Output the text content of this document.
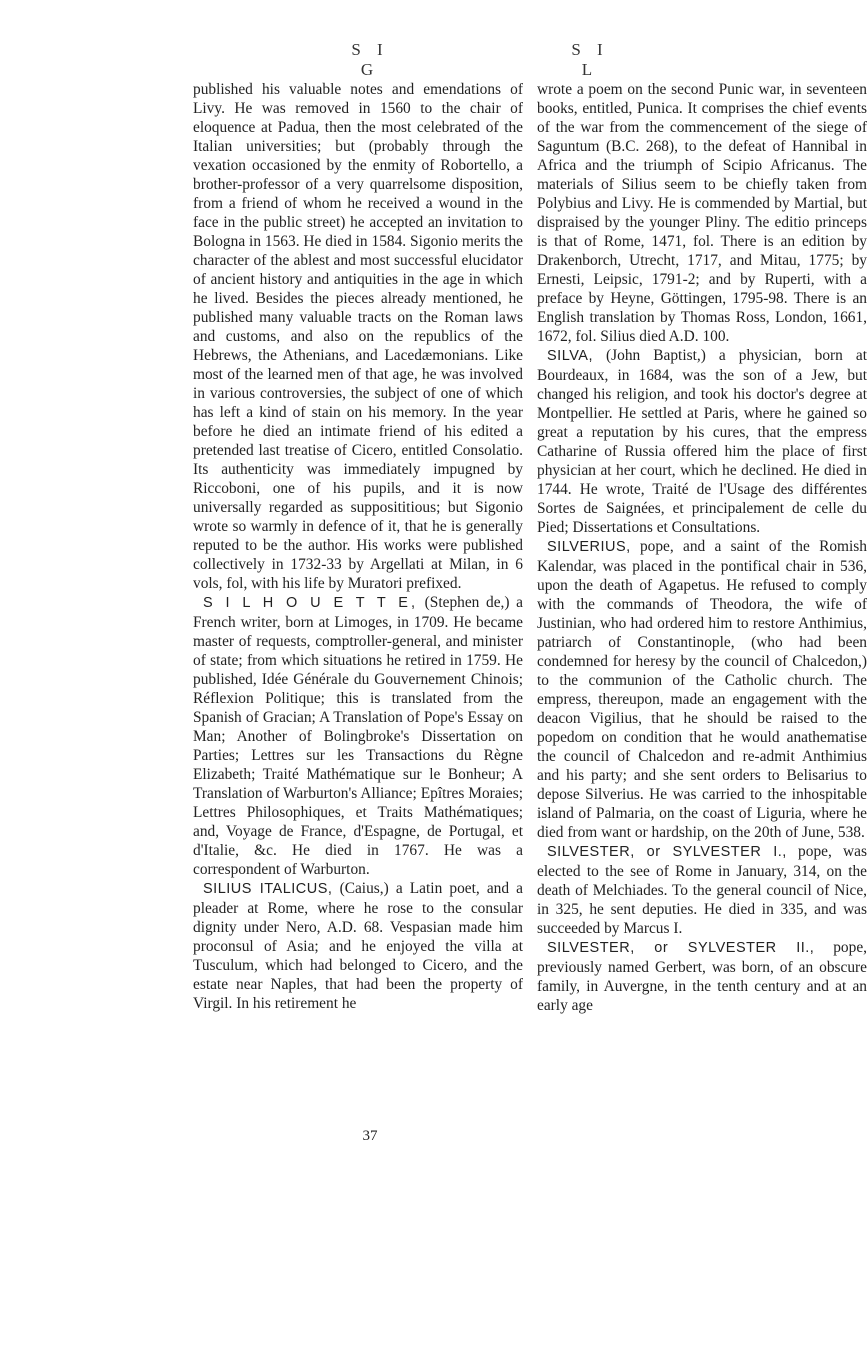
S I G
S I L

published his valuable notes and emendations of Livy. He was removed in 1560 to the chair of eloquence at Padua, then the most celebrated of the Italian universities; but (probably through the vexation occasioned by the enmity of Robortello, a brother-professor of a very quarrelsome disposition, from a friend of whom he received a wound in the face in the public street) he accepted an invitation to Bologna in 1563. He died in 1584. Sigonio merits the character of the ablest and most successful elucidator of ancient history and antiquities in the age in which he lived. Besides the pieces already mentioned, he published many valuable tracts on the Roman laws and customs, and also on the republics of the Hebrews, the Athenians, and Lacedæmonians. Like most of the learned men of that age, he was involved in various controversies, the subject of one of which has left a kind of stain on his memory. In the year before he died an intimate friend of his edited a pretended last treatise of Cicero, entitled Consolatio. Its authenticity was immediately impugned by Riccoboni, one of his pupils, and it is now universally regarded as supposititious; but Sigonio wrote so warmly in defence of it, that he is generally reputed to be the author. His works were published collectively in 1732-33 by Argellati at Milan, in 6 vols, fol, with his life by Muratori prefixed.

S I L H O U E T T E, (Stephen de,) a French writer, born at Limoges, in 1709. He became master of requests, comptroller-general, and minister of state; from which situations he retired in 1759. He published, Idée Générale du Gouvernement Chinois; Réflexion Politique; this is translated from the Spanish of Gracian; A Translation of Pope's Essay on Man; Another of Bolingbroke's Dissertation on Parties; Lettres sur les Transactions du Règne Elizabeth; Traité Mathématique sur le Bonheur; A Translation of Warburton's Alliance; Epîtres Moraies; Lettres Philosophiques, et Traits Mathématiques; and, Voyage de France, d'Espagne, de Portugal, et d'Italie, &c. He died in 1767. He was a correspondent of Warburton.

SILIUS ITALICUS, (Caius,) a Latin poet, and a pleader at Rome, where he rose to the consular dignity under Nero, A.D. 68. Vespasian made him proconsul of Asia; and he enjoyed the villa at Tusculum, which had belonged to Cicero, and the estate near Naples, that had been the property of Virgil. In his retirement he

wrote a poem on the second Punic war, in seventeen books, entitled, Punica. It comprises the chief events of the war from the commencement of the siege of Saguntum (B.C. 268), to the defeat of Hannibal in Africa and the triumph of Scipio Africanus. The materials of Silius seem to be chiefly taken from Polybius and Livy. He is commended by Martial, but dispraised by the younger Pliny. The editio princeps is that of Rome, 1471, fol. There is an edition by Drakenborch, Utrecht, 1717, and Mitau, 1775; by Ernesti, Leipsic, 1791-2; and by Ruperti, with a preface by Heyne, Göttingen, 1795-98. There is an English translation by Thomas Ross, London, 1661, 1672, fol. Silius died A.D. 100.

SILVA, (John Baptist,) a physician, born at Bourdeaux, in 1684, was the son of a Jew, but changed his religion, and took his doctor's degree at Montpellier. He settled at Paris, where he gained so great a reputation by his cures, that the empress Catharine of Russia offered him the place of first physician at her court, which he declined. He died in 1744. He wrote, Traité de l'Usage des différentes Sortes de Saignées, et principalement de celle du Pied; Dissertations et Consultations.

SILVERIUS, pope, and a saint of the Romish Kalendar, was placed in the pontifical chair in 536, upon the death of Agapetus. He refused to comply with the commands of Theodora, the wife of Justinian, who had ordered him to restore Anthimius, patriarch of Constantinople, (who had been condemned for heresy by the council of Chalcedon,) to the communion of the Catholic church. The empress, thereupon, made an engagement with the deacon Vigilius, that he should be raised to the popedom on condition that he would anathematise the council of Chalcedon and re-admit Anthimius and his party; and she sent orders to Belisarius to depose Silverius. He was carried to the inhospitable island of Palmaria, on the coast of Liguria, where he died from want or hardship, on the 20th of June, 538.

SILVESTER, or SYLVESTER I., pope, was elected to the see of Rome in January, 314, on the death of Melchiades. To the general council of Nice, in 325, he sent deputies. He died in 335, and was succeeded by Marcus I.

SILVESTER, or SYLVESTER II., pope, previously named Gerbert, was born, of an obscure family, in Auvergne, in the tenth century and at an early age

37
